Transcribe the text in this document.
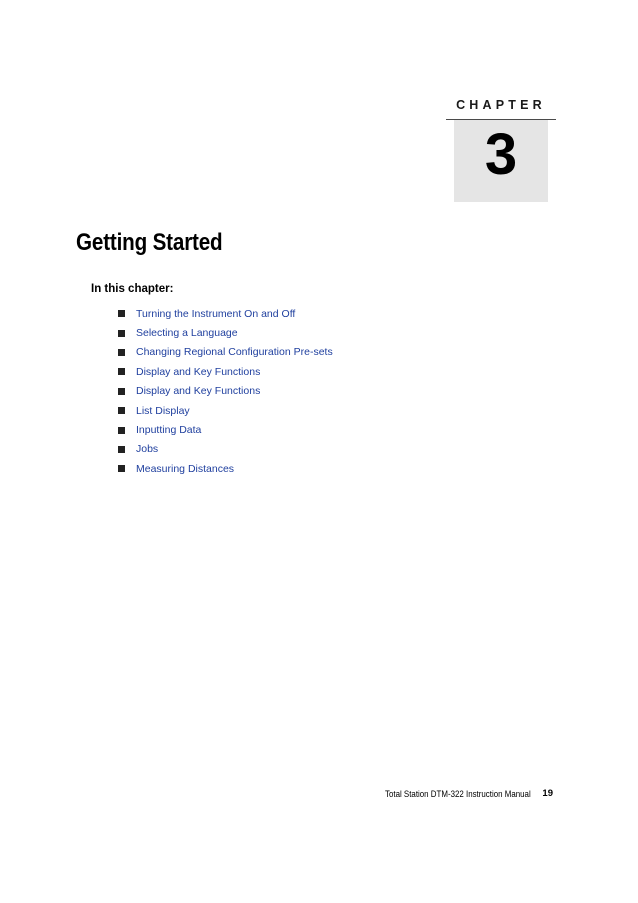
CHAPTER
3
Getting Started
In this chapter:
Turning the Instrument On and Off
Selecting a Language
Changing Regional Configuration Pre-sets
Display and Key Functions
Display and Key Functions
List Display
Inputting Data
Jobs
Measuring Distances
Total Station DTM-322 Instruction Manual 19
